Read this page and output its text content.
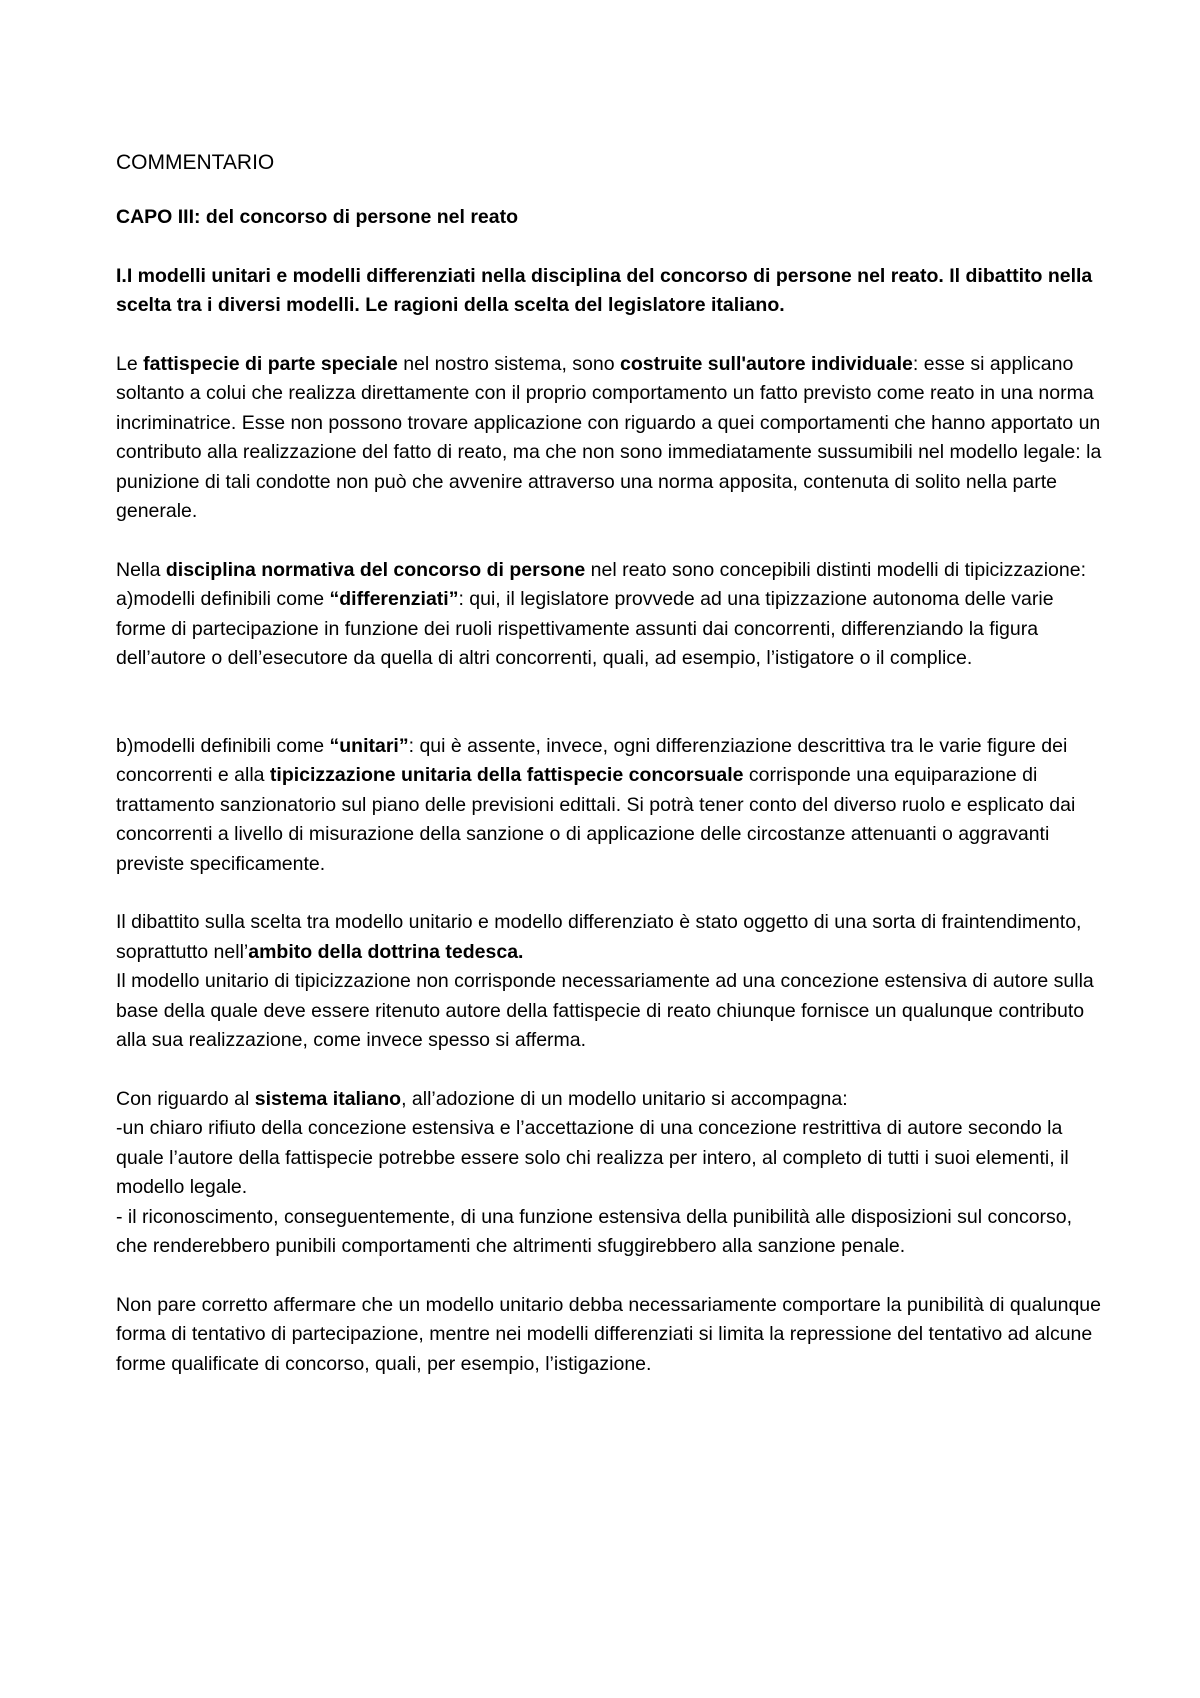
COMMENTARIO
CAPO III: del concorso di persone nel reato
I.I modelli unitari e modelli differenziati nella disciplina del concorso di persone nel reato. Il dibattito nella scelta tra i diversi modelli. Le ragioni della scelta del legislatore italiano.

Le fattispecie di parte speciale nel nostro sistema, sono costruite sull'autore individuale: esse si applicano soltanto a colui che realizza direttamente con il proprio comportamento un fatto previsto come reato in una norma incriminatrice. Esse non possono trovare applicazione con riguardo a quei comportamenti che hanno apportato un contributo alla realizzazione del fatto di reato, ma che non sono immediatamente sussumibili nel modello legale: la punizione di tali condotte non può che avvenire attraverso una norma apposita, contenuta di solito nella parte generale.

Nella disciplina normativa del concorso di persone nel reato sono concepibili distinti modelli di tipicizzazione:

a)modelli definibili come “differenziati”: qui, il legislatore provvede ad una tipizzazione autonoma delle varie forme di partecipazione in funzione dei ruoli rispettivamente assunti dai concorrenti, differenziando la figura dell’autore o dell’esecutore da quella di altri concorrenti, quali, ad esempio, l’istigatore o il complice.

b)modelli definibili come “unitari”: qui è assente, invece, ogni differenziazione descrittiva tra le varie figure dei concorrenti e alla tipicizzazione unitaria della fattispecie concorsuale corrisponde una equiparazione di trattamento sanzionatorio sul piano delle previsioni edittali. Si potrà tener conto del diverso ruolo e esplicato dai concorrenti a livello di misurazione della sanzione o di applicazione delle circostanze attenuanti o aggravanti previste specificamente.

Il dibattito sulla scelta tra modello unitario e modello differenziato è stato oggetto di una sorta di fraintendimento, soprattutto nell’ambito della dottrina tedesca.

Il modello unitario di tipicizzazione non corrisponde necessariamente ad una concezione estensiva di autore sulla base della quale deve essere ritenuto autore della fattispecie di reato chiunque fornisce un qualunque contributo alla sua realizzazione, come invece spesso si afferma.

Con riguardo al sistema italiano, all’adozione di un modello unitario si accompagna:

-un chiaro rifiuto della concezione estensiva e l’accettazione di una concezione restrittiva di autore secondo la quale l’autore della fattispecie potrebbe essere solo chi realizza per intero, al completo di tutti i suoi elementi, il modello legale.

- il riconoscimento, conseguentemente, di una funzione estensiva della punibilità alle disposizioni sul concorso, che renderebbero punibili comportamenti che altrimenti sfuggirebbero alla sanzione penale.

Non pare corretto affermare che un modello unitario debba necessariamente comportare la punibilità di qualunque forma di tentativo di partecipazione, mentre nei modelli differenziati si limita la repressione del tentativo ad alcune forme qualificate di concorso, quali, per esempio, l’istigazione.
